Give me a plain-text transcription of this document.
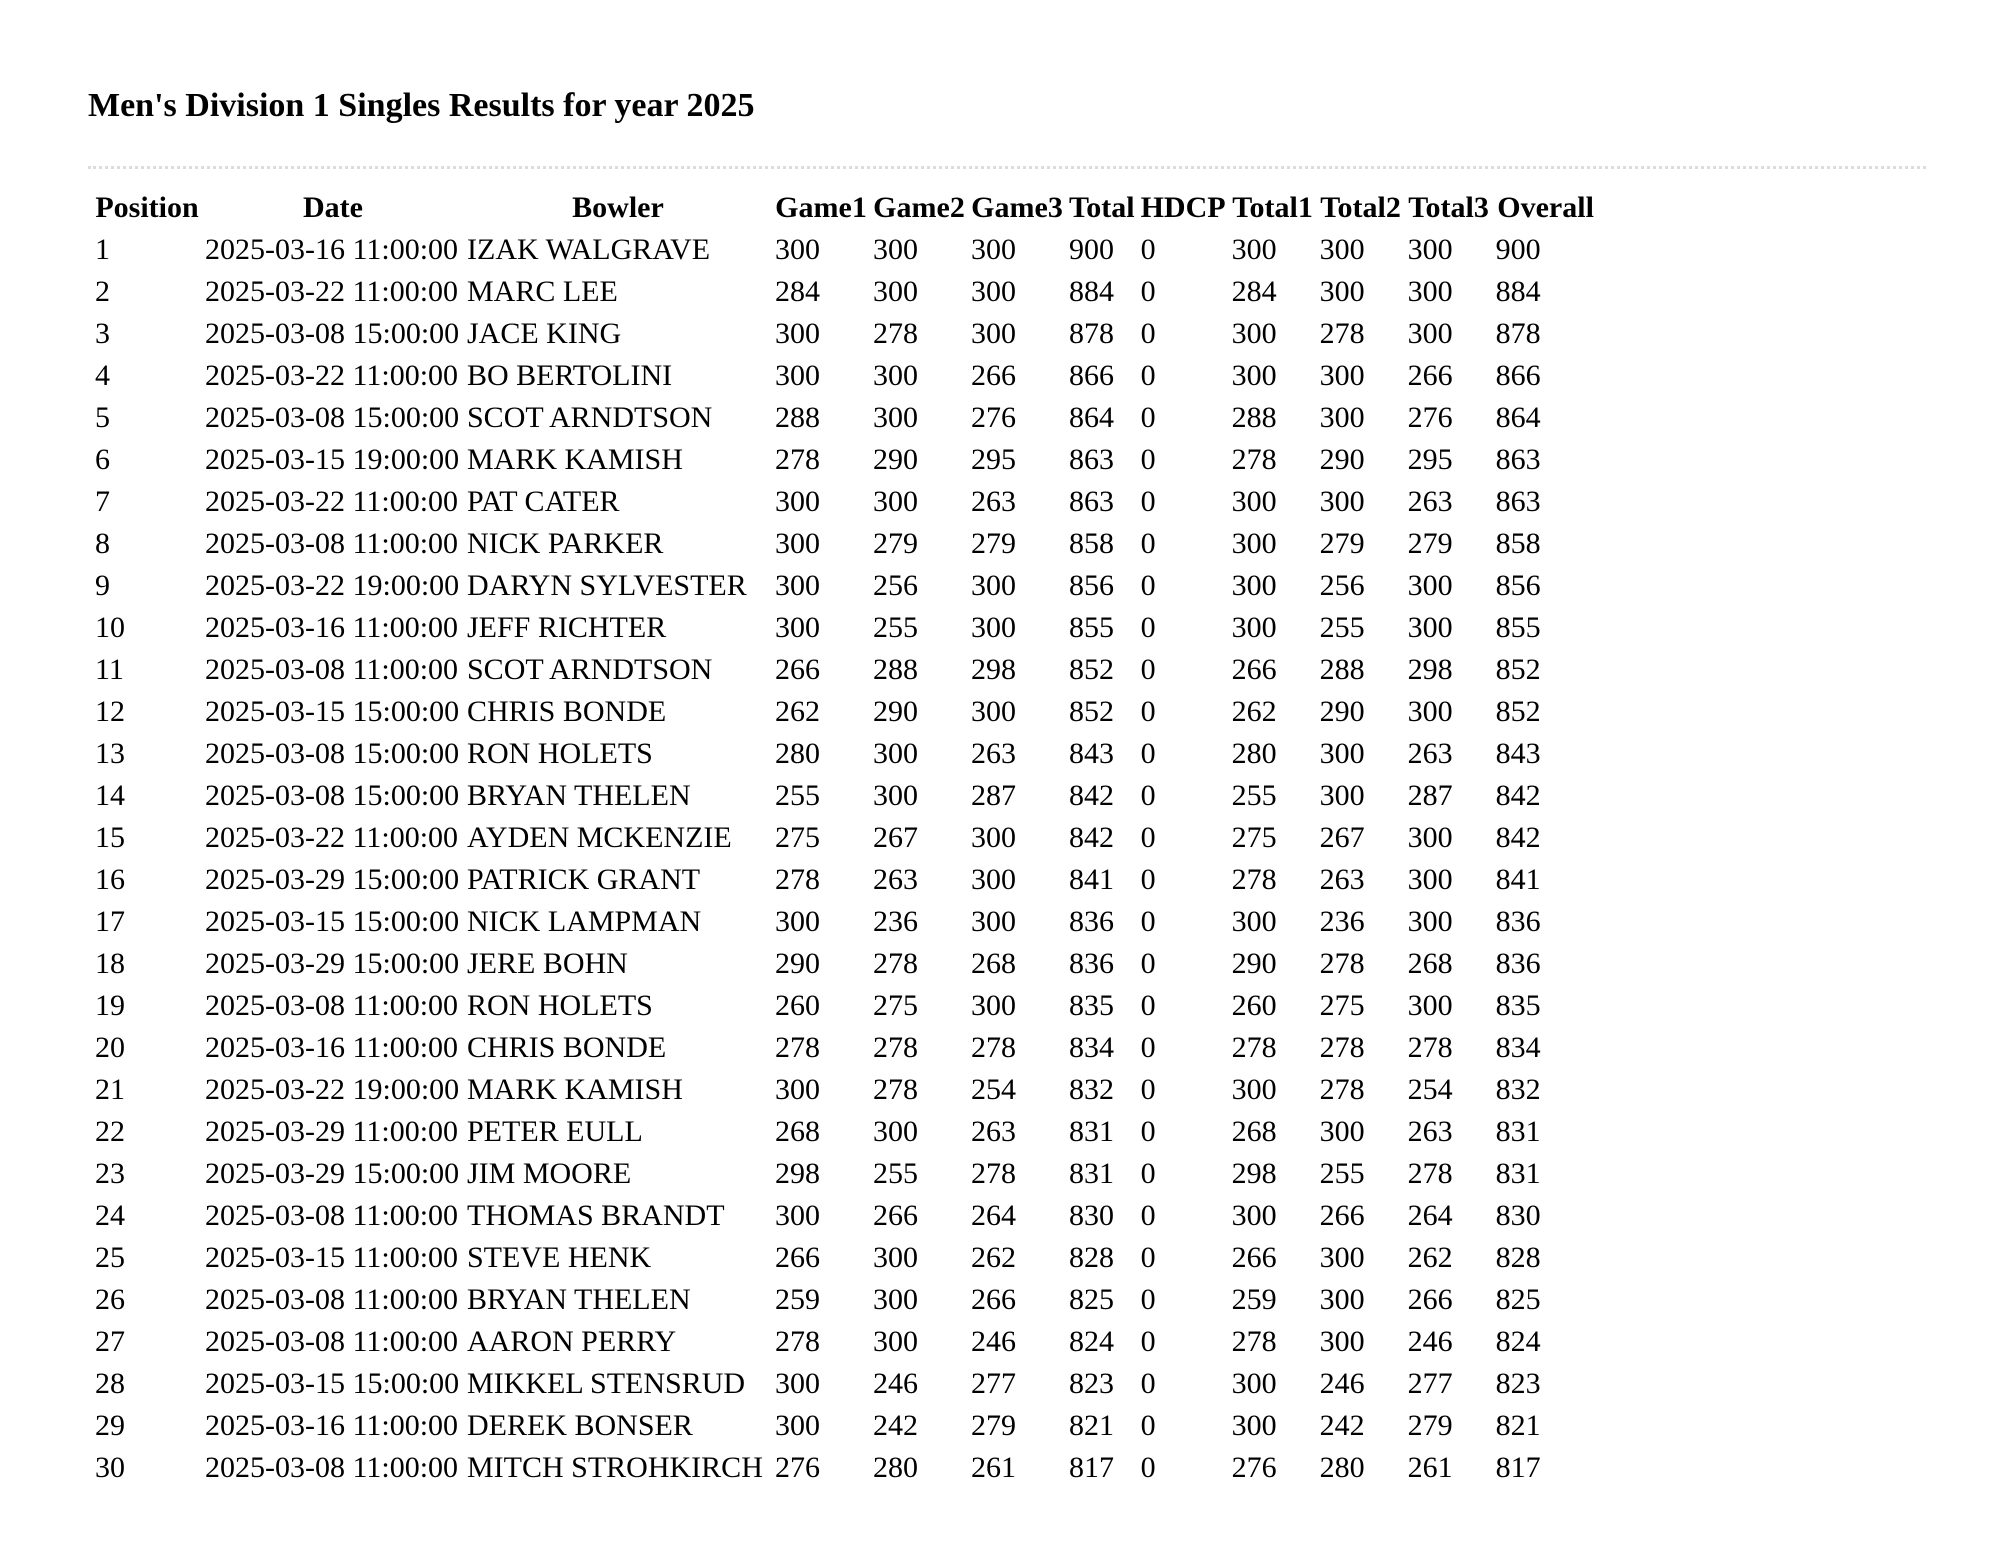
Men's Division 1 Singles Results for year 2025
Position	Date	Bowler	Game1	Game2	Game3	Total	HDCP	Total1	Total2	Total3	Overall
1	2025-03-16 11:00:00	IZAK WALGRAVE	300	300	300	900	0	300	300	300	900
2	2025-03-22 11:00:00	MARC LEE	284	300	300	884	0	284	300	300	884
3	2025-03-08 15:00:00	JACE KING	300	278	300	878	0	300	278	300	878
4	2025-03-22 11:00:00	BO BERTOLINI	300	300	266	866	0	300	300	266	866
5	2025-03-08 15:00:00	SCOT ARNDTSON	288	300	276	864	0	288	300	276	864
6	2025-03-15 19:00:00	MARK KAMISH	278	290	295	863	0	278	290	295	863
7	2025-03-22 11:00:00	PAT CATER	300	300	263	863	0	300	300	263	863
8	2025-03-08 11:00:00	NICK PARKER	300	279	279	858	0	300	279	279	858
9	2025-03-22 19:00:00	DARYN SYLVESTER	300	256	300	856	0	300	256	300	856
10	2025-03-16 11:00:00	JEFF RICHTER	300	255	300	855	0	300	255	300	855
11	2025-03-08 11:00:00	SCOT ARNDTSON	266	288	298	852	0	266	288	298	852
12	2025-03-15 15:00:00	CHRIS BONDE	262	290	300	852	0	262	290	300	852
13	2025-03-08 15:00:00	RON HOLETS	280	300	263	843	0	280	300	263	843
14	2025-03-08 15:00:00	BRYAN THELEN	255	300	287	842	0	255	300	287	842
15	2025-03-22 11:00:00	AYDEN MCKENZIE	275	267	300	842	0	275	267	300	842
16	2025-03-29 15:00:00	PATRICK GRANT	278	263	300	841	0	278	263	300	841
17	2025-03-15 15:00:00	NICK LAMPMAN	300	236	300	836	0	300	236	300	836
18	2025-03-29 15:00:00	JERE BOHN	290	278	268	836	0	290	278	268	836
19	2025-03-08 11:00:00	RON HOLETS	260	275	300	835	0	260	275	300	835
20	2025-03-16 11:00:00	CHRIS BONDE	278	278	278	834	0	278	278	278	834
21	2025-03-22 19:00:00	MARK KAMISH	300	278	254	832	0	300	278	254	832
22	2025-03-29 11:00:00	PETER EULL	268	300	263	831	0	268	300	263	831
23	2025-03-29 15:00:00	JIM MOORE	298	255	278	831	0	298	255	278	831
24	2025-03-08 11:00:00	THOMAS BRANDT	300	266	264	830	0	300	266	264	830
25	2025-03-15 11:00:00	STEVE HENK	266	300	262	828	0	266	300	262	828
26	2025-03-08 11:00:00	BRYAN THELEN	259	300	266	825	0	259	300	266	825
27	2025-03-08 11:00:00	AARON PERRY	278	300	246	824	0	278	300	246	824
28	2025-03-15 15:00:00	MIKKEL STENSRUD	300	246	277	823	0	300	246	277	823
29	2025-03-16 11:00:00	DEREK BONSER	300	242	279	821	0	300	242	279	821
30	2025-03-08 11:00:00	MITCH STROHKIRCH	276	280	261	817	0	276	280	261	817
